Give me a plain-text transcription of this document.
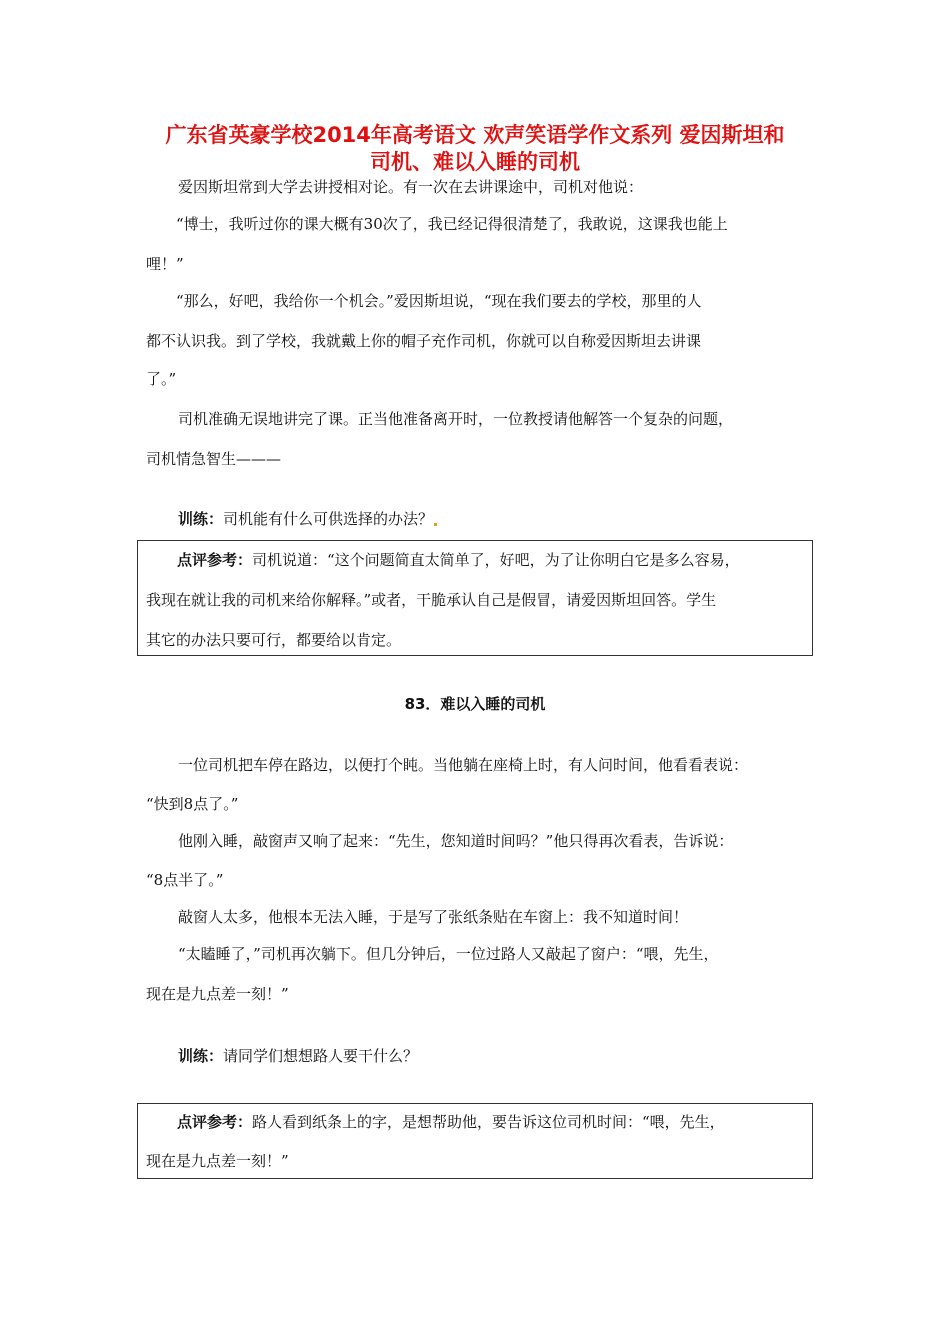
广东省英豪学校2014年高考语文 欢声笑语学作文系列 爱因斯坦和
司机、难以入睡的司机
爱因斯坦常到大学去讲授相对论。有一次在去讲课途中，司机对他说：
“博士，我听过你的课大概有30次了，我已经记得很清楚了，我敢说，这课我也能上
哩！”
“那么，好吧，我给你一个机会。”爱因斯坦说，“现在我们要去的学校，那里的人
都不认识我。到了学校，我就戴上你的帽子充作司机，你就可以自称爱因斯坦去讲课
了。”
司机准确无误地讲完了课。正当他准备离开时，一位教授请他解答一个复杂的问题，
司机情急智生———
训练：司机能有什么可供选择的办法？
点评参考：司机说道：“这个问题简直太简单了，好吧，为了让你明白它是多么容易，
我现在就让我的司机来给你解释。”或者，干脆承认自己是假冒，请爱因斯坦回答。学生
其它的办法只要可行，都要给以肯定。
83．难以入睡的司机
一位司机把车停在路边，以便打个盹。当他躺在座椅上时，有人问时间，他看看表说：
“快到8点了。”
他刚入睡，敲窗声又响了起来：“先生，您知道时间吗？”他只得再次看表，告诉说：
“8点半了。”
敲窗人太多，他根本无法入睡，于是写了张纸条贴在车窗上：我不知道时间！
“太瞌睡了，”司机再次躺下。但几分钟后，一位过路人又敲起了窗户：“喂，先生，
现在是九点差一刻！”
训练：请同学们想想路人要干什么？
点评参考：路人看到纸条上的字，是想帮助他，要告诉这位司机时间：“喂，先生，
现在是九点差一刻！”
